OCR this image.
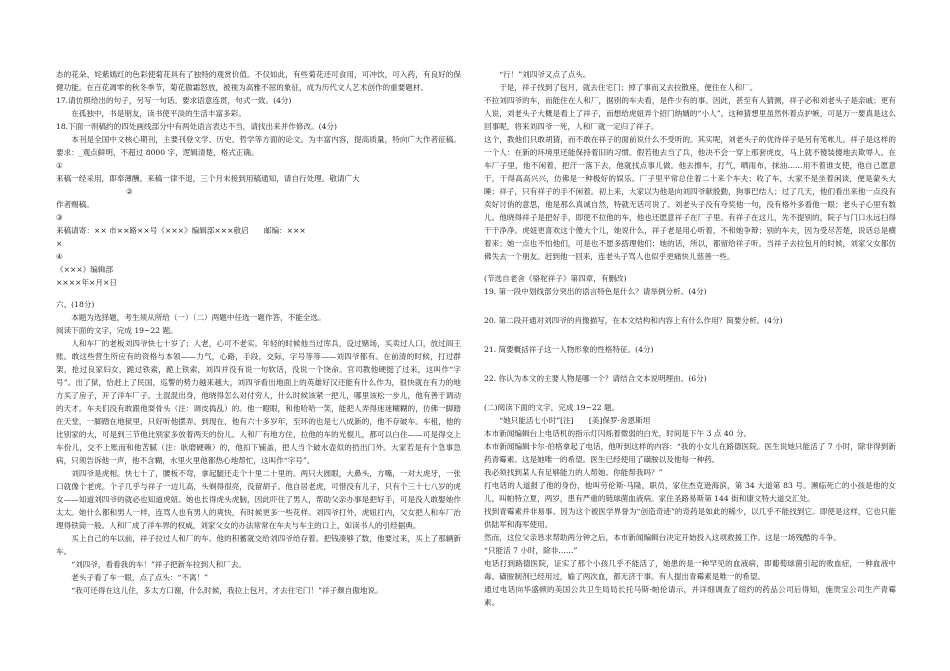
态的花朵、姹紫嫣红的色彩使菊花具有了独特的观赏价值。不仅如此，有些菊花还可食用，可冲饮，可入药，有良好的保健功能。在百花凋零的秋冬季节，菊花傲霜怒放，被视为高雅不屈的象征，成为历代文人艺术创作的重要题材。

17.请仿照给出的句子，另写一句话。要求语意连贯，句式一致。(4分)

在孤独中，书是朋友，读书使平淡的生活丰富多彩。

18.下面一则稿约的四处画线部分中有两处语言表达不当，请找出来并作修改。(4分)

本刊是全国中文核心期刊，主要刊登文学、历史、哲学等方面的论文。为丰富内容，提高质量，特向广大作者征稿。要求：_观点鲜明，不超过 8000 字，逻辑清楚，格式正确。

①

来稿一经采用，即奉薄酬。来稿一律不退，三个月未接到用稿通知，请自行处理。敬请广大

②

作者赐稿。

③

来稿请寄：×× 市××路××号《×××》编辑部×××敬启　　邮编：×××

×

④

《×××》编辑部

××××年×月×日

六、(18分)

本题为选择题，考生须从所给（一）（二）两题中任选一题作答，不能全选。

阅读下面的文字，完成 19~22 题。

人和车厂的老板刘四爷快七十岁了；人老，心可不老实。年轻的时候他当过库兵，设过赌场，买卖过人口，放过阎王账。敢这些营生所应有的资格与本领——力气，心路，手段，交际，字号等等——刘四爷都有。在前清的时候，打过群架，抢过良家妇女，跪过铁索，跪上铁索，刘四并没有说一句软话，没说一个饶命。官司教他硬挺了过来，这叫作“字号”。出了狱，恰赶上了民国，巡警的势力越来越大，刘四爷看出地面上的英雄好汉还能有什么作为，很快就在有力的地方买了房子，开了洋车厂子。土混混出身，他晓得怎么对付穷人，什么时候该紧一把儿，哪里该松一步儿，他有善于调动的天才。车夫们没有敢跟他耍骨头（注：调皮捣乱）的。他一瞪眼，和他哈哈一笑，能把人弄得迷迷糊糊的，仿佛一脚踏在天堂，一脚踏在地狱里，只好听他摆弄。到现在，他有六十多岁年，至环的也是七八成新的，他不存破车。车租，他的比别家的大，可是到三节他比别家多放着两天的份儿。人和厂有地方住，拉他的车的光棍儿，都可以白住——可是得交上车份儿，交不上账而和他苦腻（注：耿磨硬赖）的，他扣下铺盖，把人当个破水壶似的扔出门外。大家若是有个急事急病，只须告诉他一声，他不含糊，水里火里他都热心地帮忙，这叫作“字号”。

刘四爷是虎相。快七十了，腰板不弯，拿起腿还走个十里二十里的。两只大圆眼，大鼻头，方嘴，一对大虎牙，一张口就像个老虎。个子几乎与祥子一边儿高，头剃得很亮，没留胡子。他自居老虎，可惜没有儿子，只有个三十七八岁的虎女——知道刘四爷的就必也知道虎妞。她也长得虎头虎脑，因此吓住了男人，帮助父亲办事是把好手，可是没人敢娶她作太太。她什么都和男人一样，连骂人也有男人的爽快，有时候更多一些花样。刘四爷打外，虎妞打内，父女把人和车厂治理得铁筒一般。人和厂成了洋车界的权威，刘家父女的办法常常在车夫与车主的口上，如读书人的引经据典。

买上自己的车以前，祥子拉过人和厂的车。他的积蓄就交给刘四爷给存着。把钱凑够了数，他要过来，买上了那辆新车。

“刘四爷，看看我的车！”祥子把新车拉到人和厂去。

老头子看了车一眼，点了点头：“不离！”

“我可还得在这儿住，多太方口谢，什么时候，我拉上包月，才去住宅门！”祥子颇自傲地说。

“行！”刘四爷又点了点头。

于是，祥子找到了包月，就去住宅门；掉了事而又去拉散座，便住在人和厂。

不拉刘四爷的车，而能住在人和厂，据别的车夫看，是件少有的事。因此，甚至有人猜测，祥子必和刘老头子是亲戚；更有人说，刘老头子大概是看上了祥子，而想给虎妞弄个招门纳婿的“小人”。这种猜想里虽然怀着点护嫉，可是万一要真是这么回事呢，将来刘四爷一死，人和厂就一定归了祥子。

这个，教他们只敢胡猜，而不敢在祥子的面前说什么不受听的。其实呢，刘老头子的优待祥子是另有笔帐儿。祥子是这样的一个人：在新的环境里还能保持着旧的习惯。假若他去当了兵，他决不会一穿上那套虎皮，马上就不傻装傻地去欺辱人。在车厂子里，他不闲着，把汗一落下去，他就找点事儿做。他去擦车，打气，晒雨布，抹油……用不着谁支使，他自己愿意干，干得高高兴兴，仿佛是一种极好的娱乐。厂子里平常总住着二十来个车夫；收了车，大家不是坐着闲谈，便是蒙头大睡；祥子，只有祥子的手不闲着。初上来，大家以为他是向刘四爷献殷勤，狗事巴结人；过了几天，他们看出来他一点没有卖好讨俏的意思，他是那么真诚自然，特就无话可说了。刘老头子没有夸奖他一句，没有格外多看他一眼；老头子心里有数儿。他晓得祥子是把好手，即使不拉他的车，他也还愿意祥子在厂子里。有祥子在这儿，先不提别的，院子与门口永远扫得干干净净。虎妞更喜欢这个傻大个儿，她说什么，祥子老是用心听着，不和她争辩；别的车夫，因为受尽苦楚，说话总是横着来；她一点也不怕他们，可是也不愿多搭理他们；她的话，所以，都留给祥子听。当祥子去拉包月的时候，刘家父女都仿佛失去一个朋友。赶到他一回来，连老头子骂人也似乎更痛快儿慈善一些。

(节选自老舍《骆驼祥子》第四章，有删改)

19. 第一段中划线部分突出的语言特色是什么？请举例分析。(4分)

20. 第二段开通对刘四爷的肖像描写，在本文结构和内容上有什么作用？简要分析。(4分)

21. 简要概括祥子这一人物形象的性格特征。(4分)

22. 你认为本文的主要人物是哪一个？请结合文本说明理由。(6分)

(二)阅读下面的文字，完成 19~22 题。

“她只能活七小时”[注]　　[美]保罗·舍恩斯坦

本市新闻编辑台上电话机的指示灯闪烁着微弱的白光，时间是下午 3 点 40 分。

本市新闻编辑卡尔·伯格拿起了电话，他听到这样的内容：“我的小女儿在路德医院。医生说她只能活了 7 小时，除非得到新药青霉素。这是她唯一的希望。医生已经使用了磺胺以及他每一种药。

我必须找到某人有足够能力的人帮她。你能帮我吗？”

打电话的人道报了他的身份，他叫劳伦斯·马隆，职员，家住杰克逊海滨，第 34 大道第 83 号。濒临死亡的小孩是他的女儿，叫帕特立夏，两岁，患有严重的链球菌血液病。家住圣路易斯第 144 街和康文特大道交汇处。

找到青霉素并非易事。因为这个被医学界誉为“创造奇迹”的奇药是如此的稀少，以几乎不能找到它。即使是这样，它也只能供陆军和海军使用。

然而，这位父亲恳求帮助两分钟之后，本市新闻编辑台决定开始投入这项救援工作。这是一场残酷的斗争。

“只能活 7 小时，除非……”

电话打到路德医院，证实了那个小孩几乎不能活了，她患的是一种罕见的血液病，即葡萄球菌引起的败血症，一种血液中毒。磺胺制剂已经用过，输了两次血，都无济于事。有人提出青霉素是唯一的希望。

通过电话向华盛顿的美国公共卫生局局长托马斯·帕伦请示，并详细调查了纽约的药品公司后得知，施贵宝公司生产青霉素。
